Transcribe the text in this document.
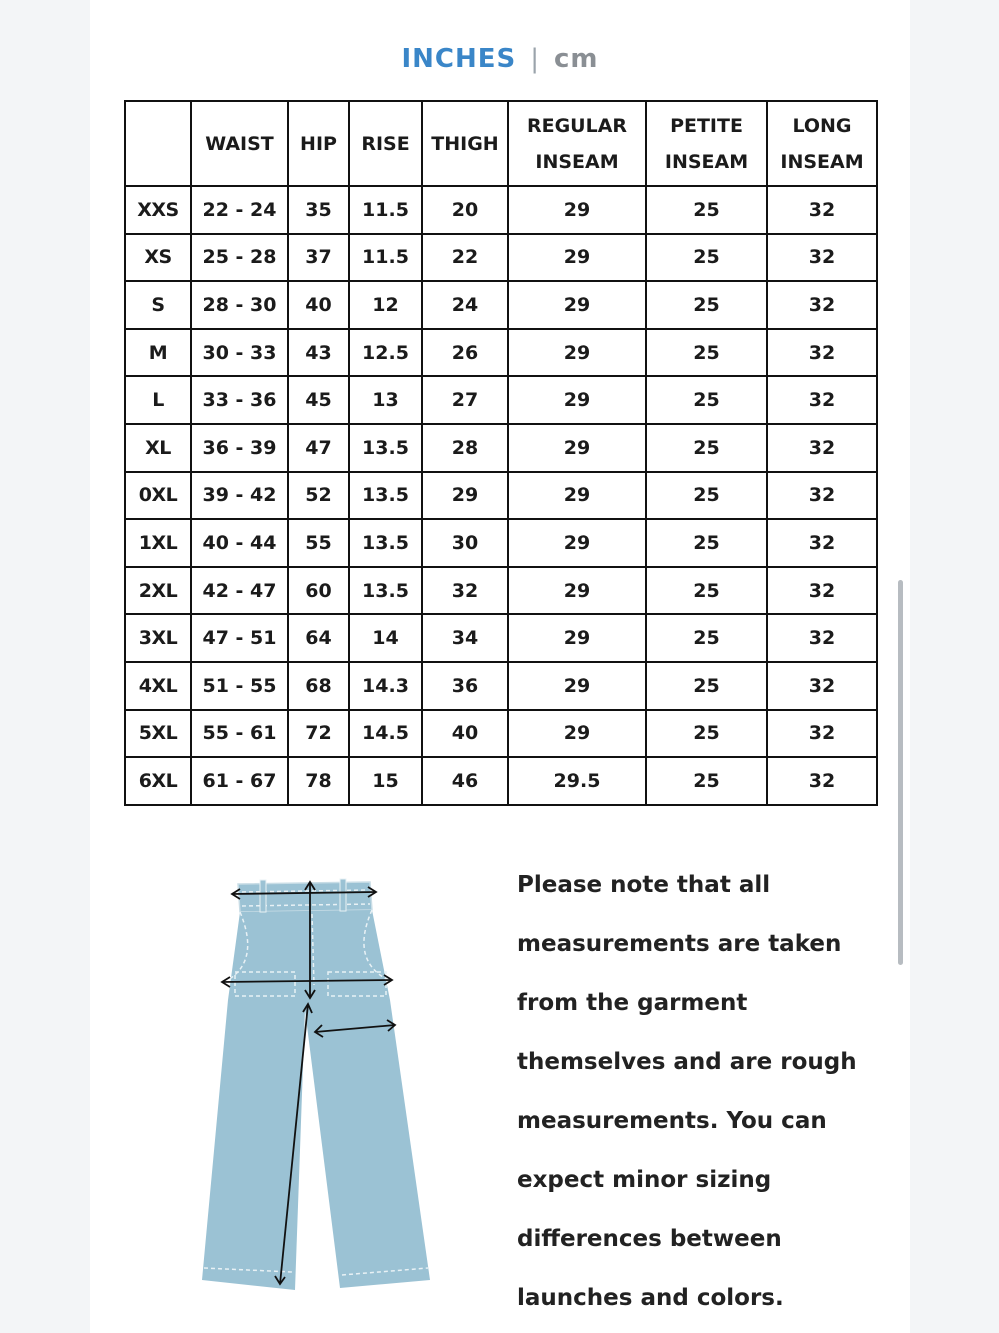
INCHES | cm
	WAIST	HIP	RISE	THIGH	REGULAR INSEAM	PETITE INSEAM	LONG INSEAM
XXS	22 - 24	35	11.5	20	29	25	32
XS	25 - 28	37	11.5	22	29	25	32
S	28 - 30	40	12	24	29	25	32
M	30 - 33	43	12.5	26	29	25	32
L	33 - 36	45	13	27	29	25	32
XL	36 - 39	47	13.5	28	29	25	32
0XL	39 - 42	52	13.5	29	29	25	32
1XL	40 - 44	55	13.5	30	29	25	32
2XL	42 - 47	60	13.5	32	29	25	32
3XL	47 - 51	64	14	34	29	25	32
4XL	51 - 55	68	14.3	36	29	25	32
5XL	55 - 61	72	14.5	40	29	25	32
6XL	61 - 67	78	15	46	29.5	25	32
Please note that all measurements are taken from the garment themselves and are rough measurements. You can expect minor sizing differences between launches and colors.
